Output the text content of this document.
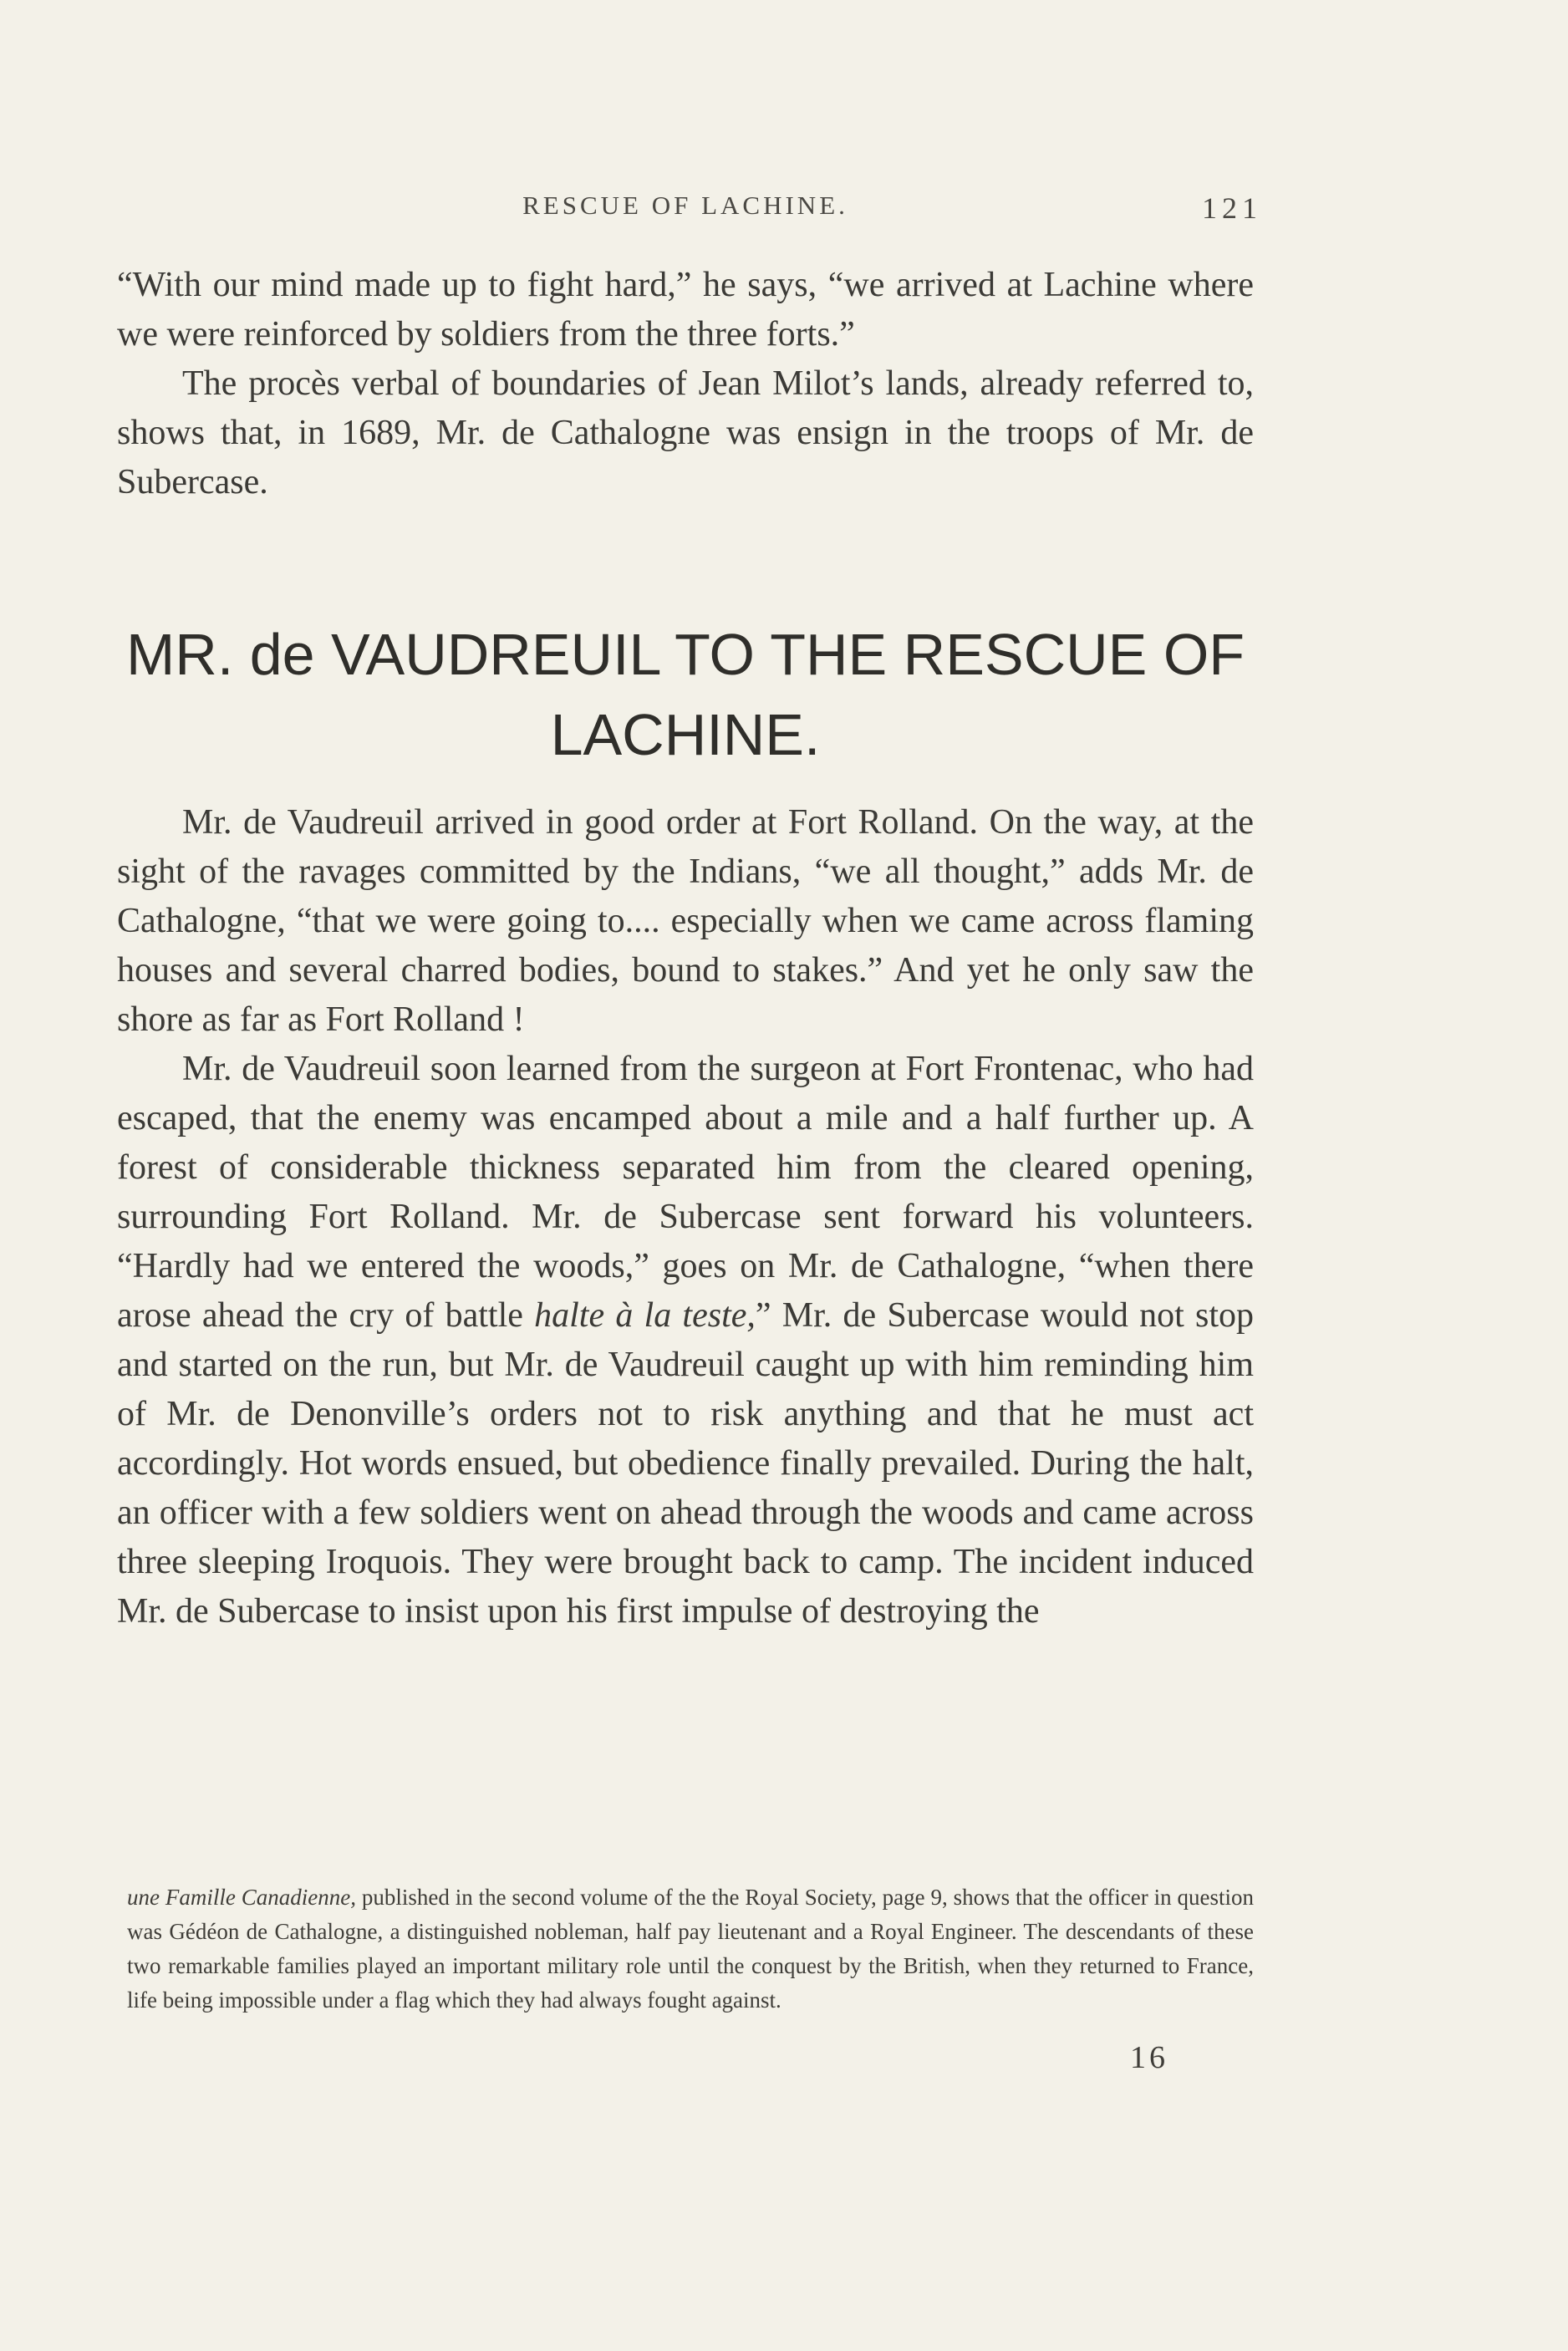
RESCUE OF LACHINE.	121

“With our mind made up to fight hard,” he says, “we arrived at Lachine where we were reinforced by soldiers from the three forts.”

The procès verbal of boundaries of Jean Milot’s lands, already referred to, shows that, in 1689, Mr. de Cathalogne was ensign in the troops of Mr. de Subercase.

MR. de VAUDREUIL TO THE RESCUE OF LACHINE.

Mr. de Vaudreuil arrived in good order at Fort Rolland. On the way, at the sight of the ravages committed by the Indians, “we all thought,” adds Mr. de Cathalogne, “that we were going to.... especially when we came across flaming houses and several charred bodies, bound to stakes.” And yet he only saw the shore as far as Fort Rolland !

Mr. de Vaudreuil soon learned from the surgeon at Fort Frontenac, who had escaped, that the enemy was encamped about a mile and a half further up. A forest of considerable thickness separated him from the cleared opening, surrounding Fort Rolland. Mr. de Subercase sent forward his volunteers. “Hardly had we entered the woods,” goes on Mr. de Cathalogne, “when there arose ahead the cry of battle halte à la teste,” Mr. de Subercase would not stop and started on the run, but Mr. de Vaudreuil caught up with him reminding him of Mr. de Denonville’s orders not to risk anything and that he must act accordingly. Hot words ensued, but obedience finally prevailed. During the halt, an officer with a few soldiers went on ahead through the woods and came across three sleeping Iroquois. They were brought back to camp. The incident induced Mr. de Subercase to insist upon his first impulse of destroying the

une Famille Canadienne, published in the second volume of the the Royal Society, page 9, shows that the officer in question was Gédéon de Cathalogne, a distinguished nobleman, half pay lieutenant and a Royal Engineer. The descendants of these two remarkable families played an important military role until the conquest by the British, when they returned to France, life being impossible under a flag which they had always fought against.

16
